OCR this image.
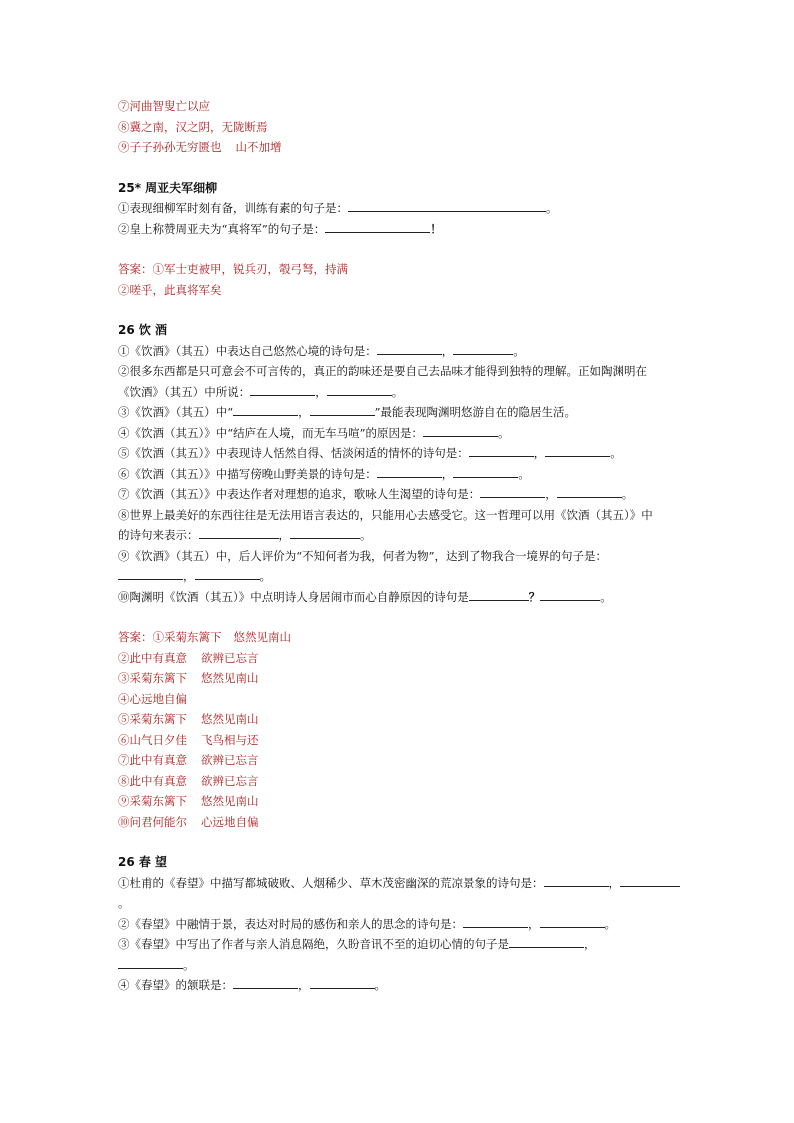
⑦河曲智叟亡以应
⑧冀之南，汉之阴，无陇断焉
⑨子子孙孙无穷匮也 山不加增
25* 周亚夫军细柳
①表现细柳军时刻有备，训练有素的句子是：	。
②皇上称赞周亚夫为“真将军”的句子是：	！
答案：①军士吏被甲，锐兵刃，彀弓弩，持满
②嗟乎，此真将军矣
26 饮 酒
①《饮酒》（其五）中表达自己悠然心境的诗句是：	，	。
②很多东西都是只可意会不可言传的，真正的韵味还是要自己去品味才能得到独特的理解。正如陶渊明在
《饮酒》（其五）中所说：	，	。
③《饮酒》（其五）中“	，	”最能表现陶渊明悠游自在的隐居生活。
④《饮酒（其五）》中“结庐在人境，而无车马喧”的原因是：	。
⑤《饮酒（其五）》中表现诗人恬然自得、恬淡闲适的情怀的诗句是：	，	。
⑥《饮酒（其五）》中描写傍晚山野美景的诗句是：	，	。
⑦《饮酒（其五）》中表达作者对理想的追求，歌咏人生渴望的诗句是：	，	。
⑧世界上最美好的东西往往是无法用语言表达的，只能用心去感受它。这一哲理可以用《饮酒（其五）》中
的诗句来表示：	，	。
⑨《饮酒》（其五）中，后人评价为“不知何者为我，何者为物”，达到了物我合一境界的句子是：
，	。
⑩陶渊明《饮酒（其五）》中点明诗人身居闹市而心自静原因的诗句是	？	。
答案：①采菊东篱下 悠然见南山
②此中有真意 欲辨已忘言
③采菊东篱下 悠然见南山
④心远地自偏
⑤采菊东篱下 悠然见南山
⑥山气日夕佳 飞鸟相与还
⑦此中有真意 欲辨已忘言
⑧此中有真意 欲辨已忘言
⑨采菊东篱下 悠然见南山
⑩问君何能尔 心远地自偏
26 春 望
①杜甫的《春望》中描写都城破败、人烟稀少、草木茂密幽深的荒凉景象的诗句是：	，
。
②《春望》中融情于景，表达对时局的感伤和亲人的思念的诗句是：	，	。
③《春望》中写出了作者与亲人消息隔绝，久盼音讯不至的迫切心情的句子是	，
。
④《春望》的颔联是：	，	。
